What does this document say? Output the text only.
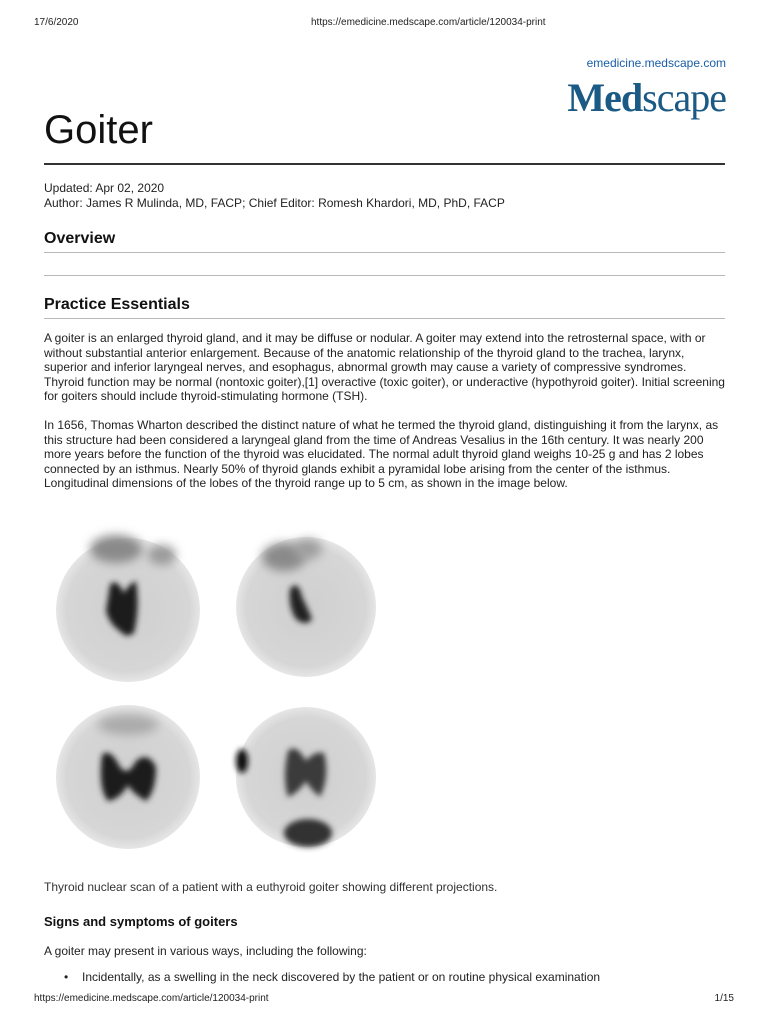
17/6/2020	https://emedicine.medscape.com/article/120034-print
emedicine.medscape.com
Medscape
Goiter
Updated: Apr 02, 2020
Author: James R Mulinda, MD, FACP; Chief Editor: Romesh Khardori, MD, PhD, FACP
Overview
Practice Essentials

A goiter is an enlarged thyroid gland, and it may be diffuse or nodular. A goiter may extend into the retrosternal space, with or without substantial anterior enlargement. Because of the anatomic relationship of the thyroid gland to the trachea, larynx, superior and inferior laryngeal nerves, and esophagus, abnormal growth may cause a variety of compressive syndromes. Thyroid function may be normal (nontoxic goiter),[1] overactive (toxic goiter), or underactive (hypothyroid goiter). Initial screening for goiters should include thyroid-stimulating hormone (TSH).

In 1656, Thomas Wharton described the distinct nature of what he termed the thyroid gland, distinguishing it from the larynx, as this structure had been considered a laryngeal gland from the time of Andreas Vesalius in the 16th century. It was nearly 200 more years before the function of the thyroid was elucidated. The normal adult thyroid gland weighs 10-25 g and has 2 lobes connected by an isthmus. Nearly 50% of thyroid glands exhibit a pyramidal lobe arising from the center of the isthmus. Longitudinal dimensions of the lobes of the thyroid range up to 5 cm, as shown in the image below.

Thyroid nuclear scan of a patient with a euthyroid goiter showing different projections.
Signs and symptoms of goiters

A goiter may present in various ways, including the following:

• Incidentally, as a swelling in the neck discovered by the patient or on routine physical examination
https://emedicine.medscape.com/article/120034-print	1/15
